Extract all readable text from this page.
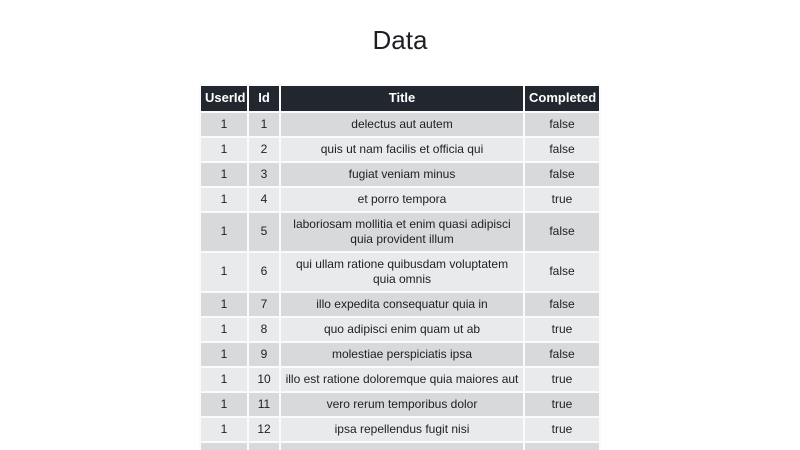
Data
UserId	Id	Title	Completed
1	1	delectus aut autem	false
1	2	quis ut nam facilis et officia qui	false
1	3	fugiat veniam minus	false
1	4	et porro tempora	true
1	5	laboriosam mollitia et enim quasi adipisci quia provident illum	false
1	6	qui ullam ratione quibusdam voluptatem quia omnis	false
1	7	illo expedita consequatur quia in	false
1	8	quo adipisci enim quam ut ab	true
1	9	molestiae perspiciatis ipsa	false
1	10	illo est ratione doloremque quia maiores aut	true
1	11	vero rerum temporibus dolor	true
1	12	ipsa repellendus fugit nisi	true
